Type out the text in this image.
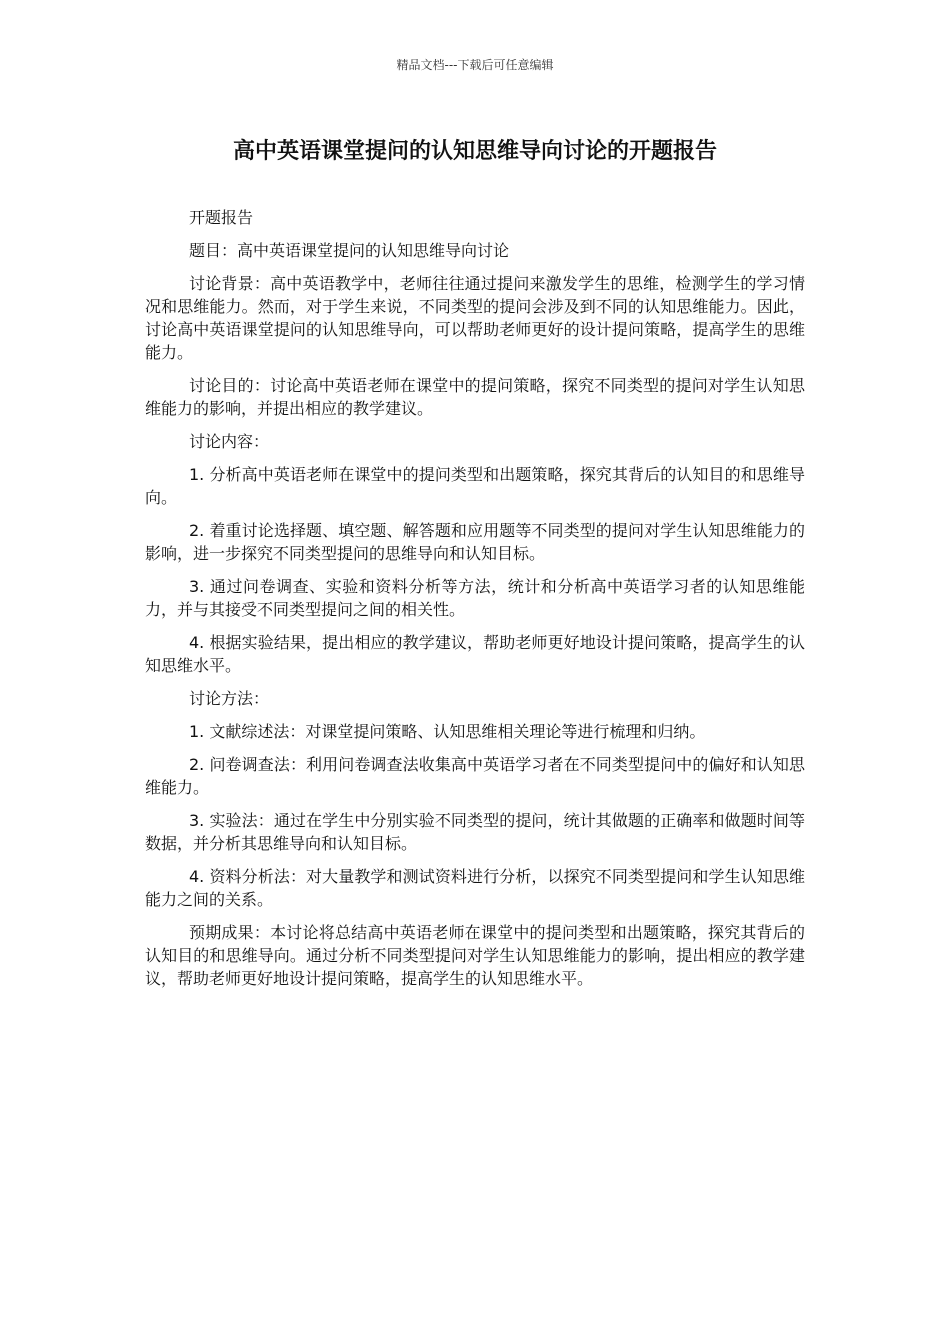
精品文档---下载后可任意编辑
高中英语课堂提问的认知思维导向讨论的开题报告

开题报告

题目：高中英语课堂提问的认知思维导向讨论

讨论背景：高中英语教学中，老师往往通过提问来激发学生的思维，检测学生的学习情况和思维能力。然而，对于学生来说，不同类型的提问会涉及到不同的认知思维能力。因此，讨论高中英语课堂提问的认知思维导向，可以帮助老师更好的设计提问策略，提高学生的思维能力。

讨论目的：讨论高中英语老师在课堂中的提问策略，探究不同类型的提问对学生认知思维能力的影响，并提出相应的教学建议。

讨论内容：

1. 分析高中英语老师在课堂中的提问类型和出题策略，探究其背后的认知目的和思维导向。

2. 着重讨论选择题、填空题、解答题和应用题等不同类型的提问对学生认知思维能力的影响，进一步探究不同类型提问的思维导向和认知目标。

3. 通过问卷调查、实验和资料分析等方法，统计和分析高中英语学习者的认知思维能力，并与其接受不同类型提问之间的相关性。

4. 根据实验结果，提出相应的教学建议，帮助老师更好地设计提问策略，提高学生的认知思维水平。

讨论方法：

1. 文献综述法：对课堂提问策略、认知思维相关理论等进行梳理和归纳。

2. 问卷调查法：利用问卷调查法收集高中英语学习者在不同类型提问中的偏好和认知思维能力。

3. 实验法：通过在学生中分别实验不同类型的提问，统计其做题的正确率和做题时间等数据，并分析其思维导向和认知目标。

4. 资料分析法：对大量教学和测试资料进行分析，以探究不同类型提问和学生认知思维能力之间的关系。

预期成果：本讨论将总结高中英语老师在课堂中的提问类型和出题策略，探究其背后的认知目的和思维导向。通过分析不同类型提问对学生认知思维能力的影响，提出相应的教学建议，帮助老师更好地设计提问策略，提高学生的认知思维水平。
